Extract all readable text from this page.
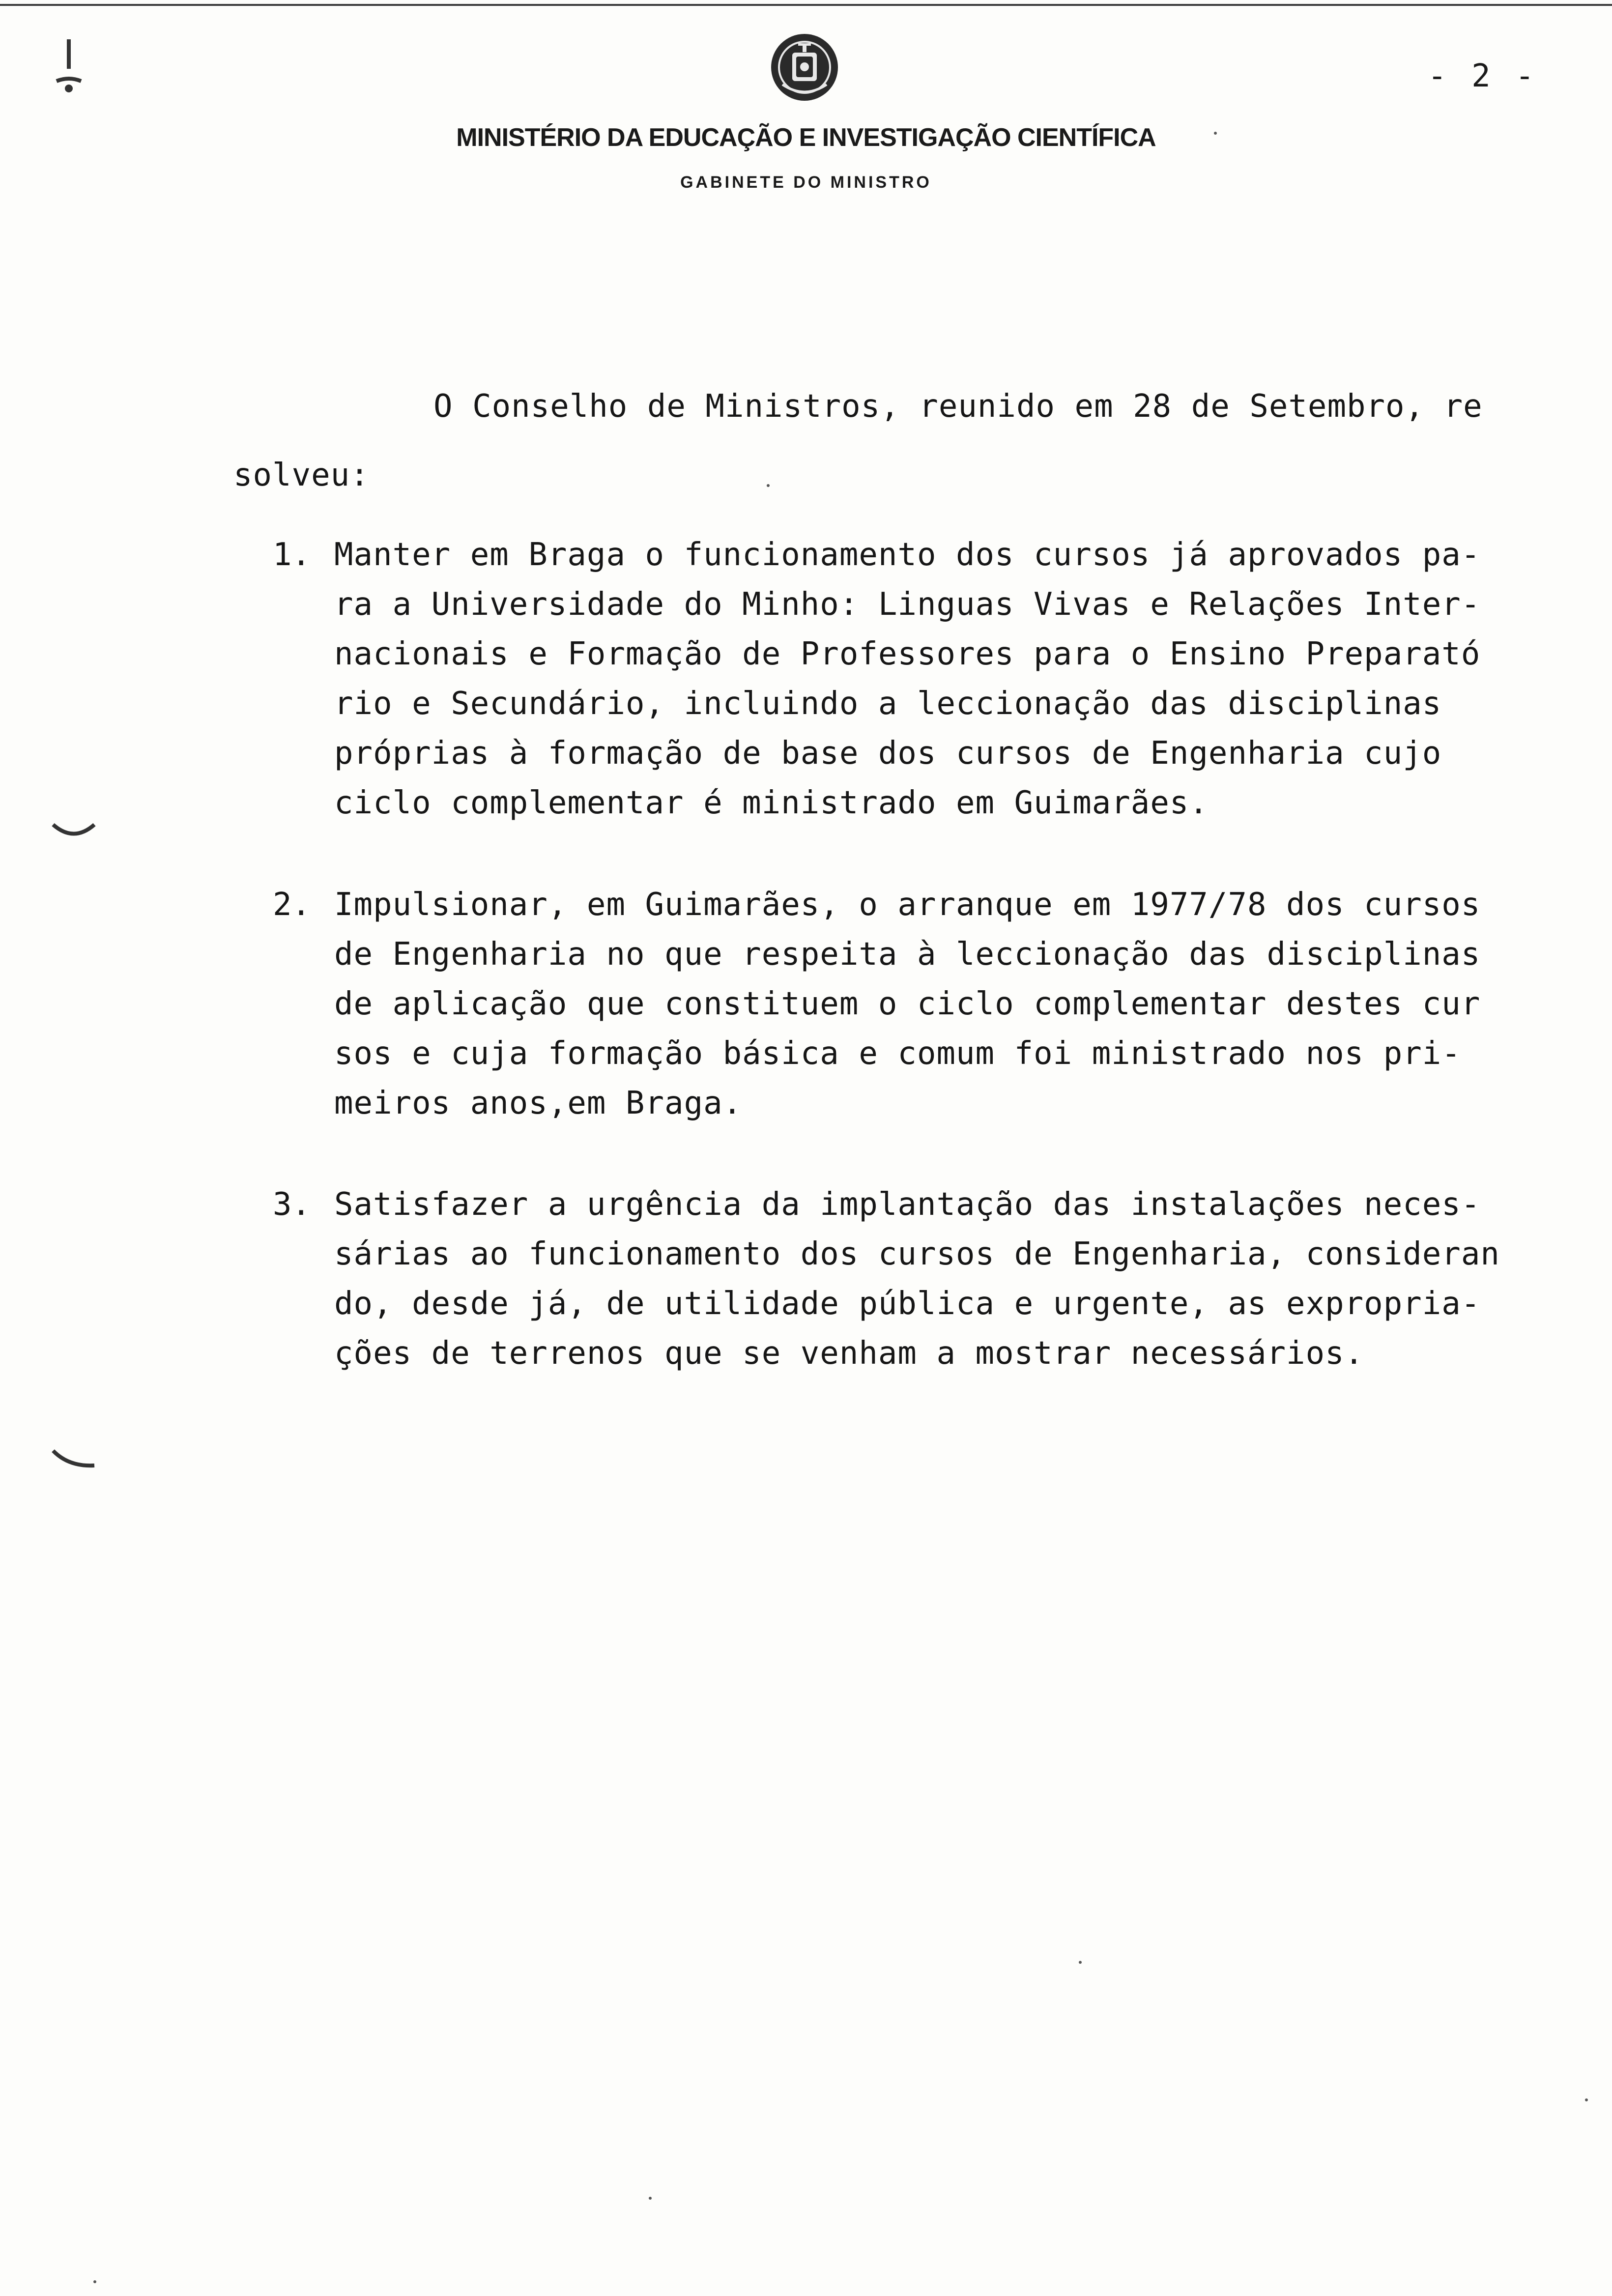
- 2 -
MINISTÉRIO DA EDUCAÇÃO E INVESTIGAÇÃO CIENTÍFICA
GABINETE DO MINISTRO
O Conselho de Ministros, reunido em 28 de Setembro, re
solveu:
1. Manter em Braga o funcionamento dos cursos já aprovados pa-
ra a Universidade do Minho: Linguas Vivas e Relações Inter-
nacionais e Formação de Professores para o Ensino Preparató
rio e Secundário, incluindo a leccionação das disciplinas
próprias à formação de base dos cursos de Engenharia cujo
ciclo complementar é ministrado em Guimarães.
2. Impulsionar, em Guimarães, o arranque em 1977/78 dos cursos
de Engenharia no que respeita à leccionação das disciplinas
de aplicação que constituem o ciclo complementar destes cur
sos e cuja formação básica e comum foi ministrado nos pri-
meiros anos,em Braga.
3. Satisfazer a urgência da implantação das instalações neces-
sárias ao funcionamento dos cursos de Engenharia, consideran
do, desde já, de utilidade pública e urgente, as expropria-
ções de terrenos que se venham a mostrar necessários.
